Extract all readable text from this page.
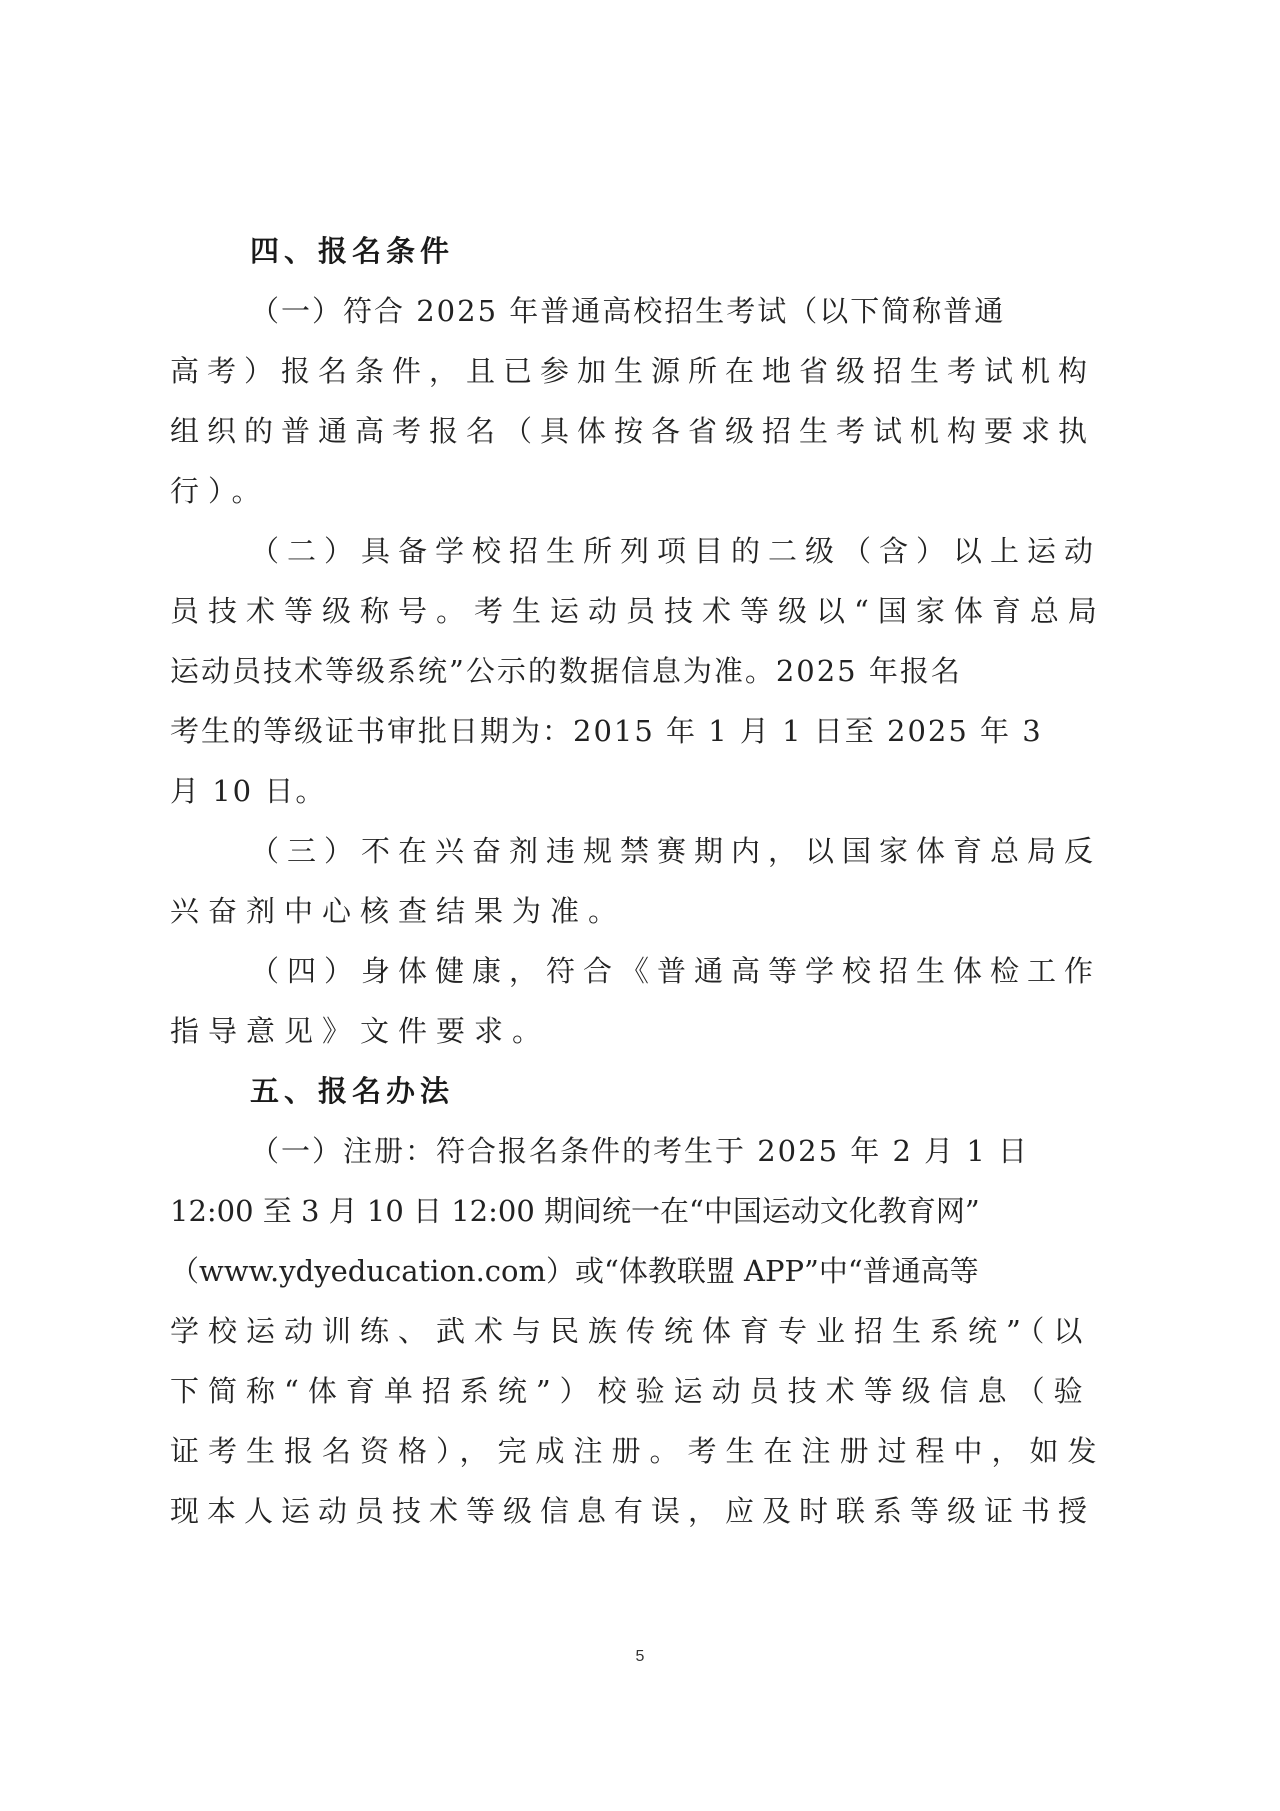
四、报名条件
（一）符合 2025 年普通高校招生考试（以下简称普通
高考）报名条件，且已参加生源所在地省级招生考试机构
组织的普通高考报名（具体按各省级招生考试机构要求执
行）。
（二）具备学校招生所列项目的二级（含）以上运动
员技术等级称号。考生运动员技术等级以“国家体育总局
运动员技术等级系统”公示的数据信息为准。2025 年报名
考生的等级证书审批日期为：2015 年 1 月 1 日至 2025 年 3
月 10 日。
（三）不在兴奋剂违规禁赛期内，以国家体育总局反
兴奋剂中心核查结果为准。
（四）身体健康，符合《普通高等学校招生体检工作
指导意见》文件要求。
五、报名办法
（一）注册：符合报名条件的考生于 2025 年 2 月 1 日
12:00 至 3 月 10 日 12:00 期间统一在“中国运动文化教育网”
（www.ydyeducation.com）或“体教联盟 APP”中“普通高等
学校运动训练、武术与民族传统体育专业招生系统”（以
下简称“体育单招系统”）校验运动员技术等级信息（验
证考生报名资格），完成注册。考生在注册过程中，如发
现本人运动员技术等级信息有误，应及时联系等级证书授
5
